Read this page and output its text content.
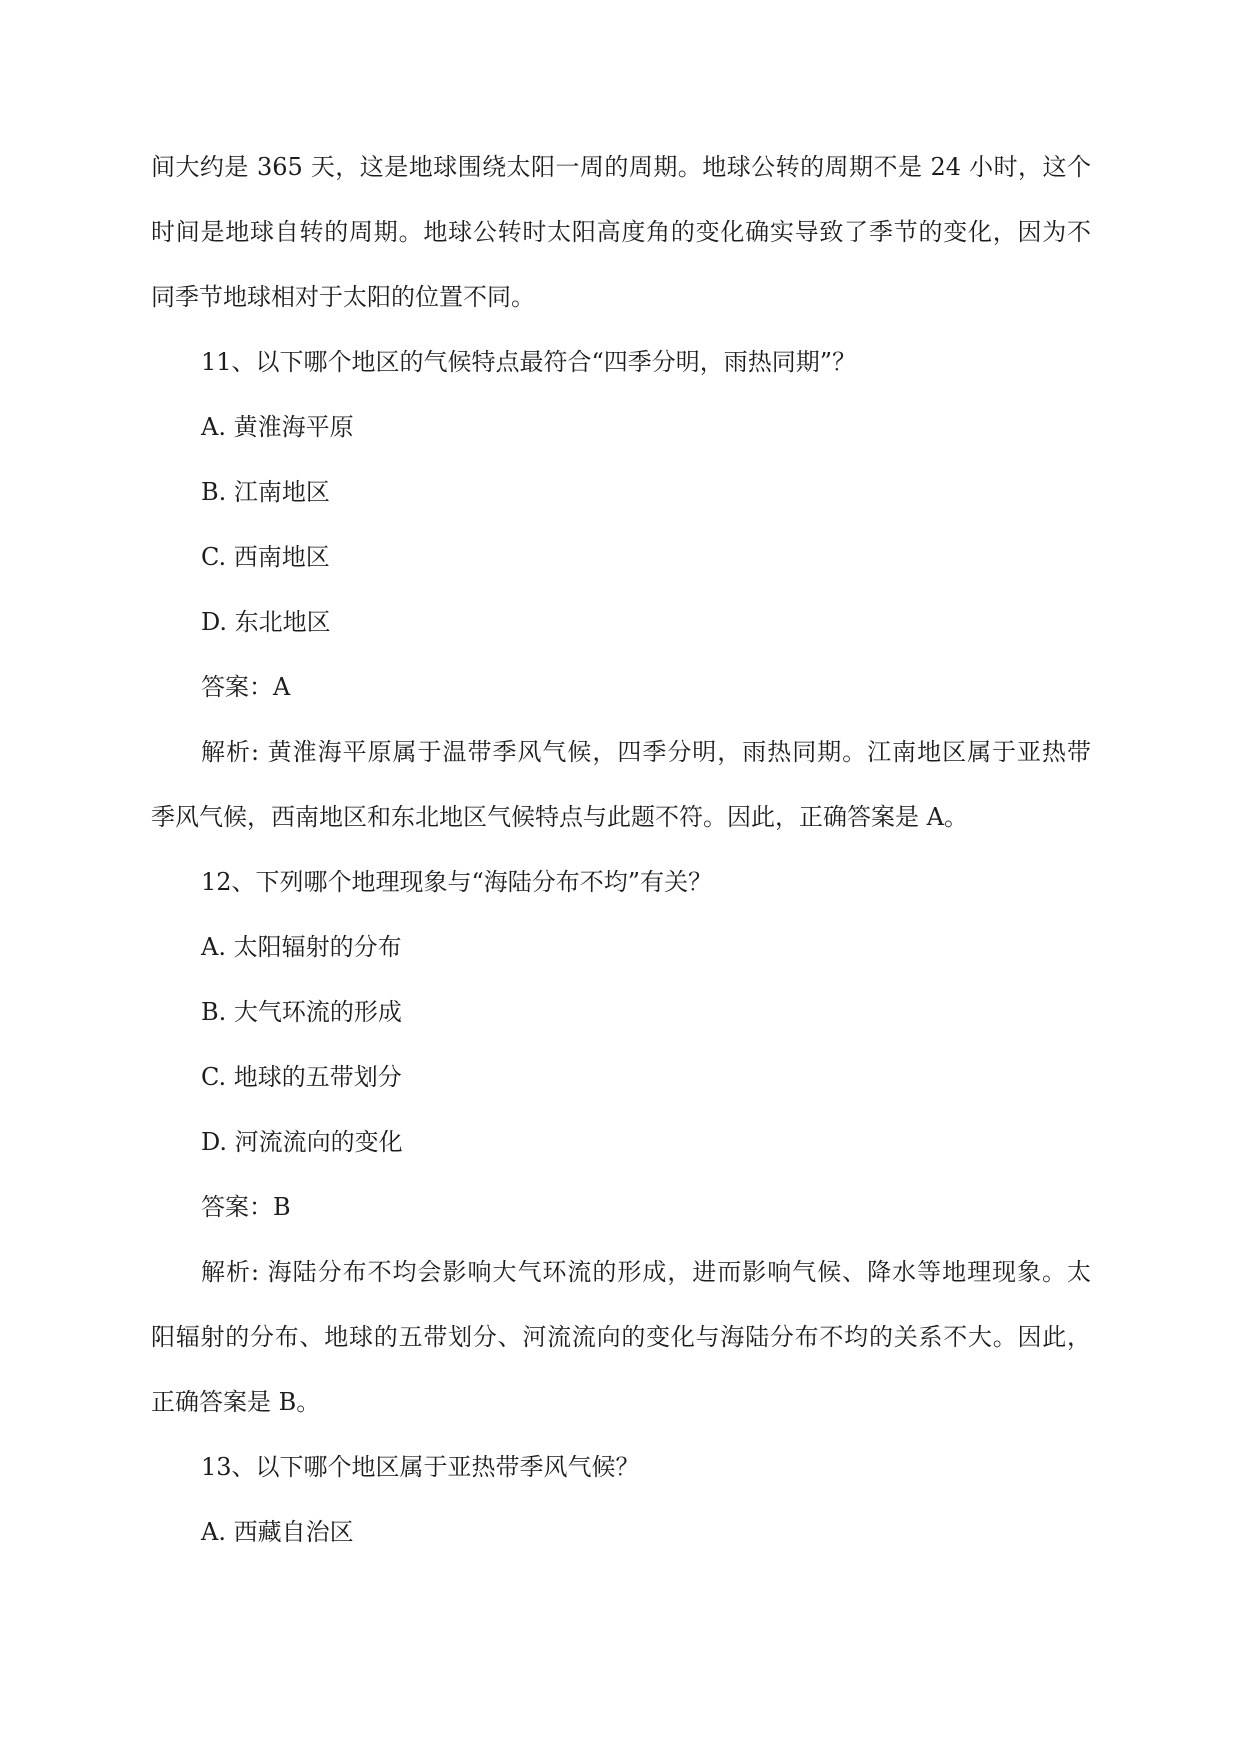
间大约是 365 天，这是地球围绕太阳一周的周期。地球公转的周期不是 24 小时，这个
时间是地球自转的周期。地球公转时太阳高度角的变化确实导致了季节的变化，因为不
同季节地球相对于太阳的位置不同。
11、以下哪个地区的气候特点最符合“四季分明，雨热同期”？
A. 黄淮海平原
B. 江南地区
C. 西南地区
D. 东北地区
答案：A
解析: 黄淮海平原属于温带季风气候，四季分明，雨热同期。江南地区属于亚热带
季风气候，西南地区和东北地区气候特点与此题不符。因此，正确答案是 A。
12、下列哪个地理现象与“海陆分布不均”有关？
A. 太阳辐射的分布
B. 大气环流的形成
C. 地球的五带划分
D. 河流流向的变化
答案：B
解析: 海陆分布不均会影响大气环流的形成，进而影响气候、降水等地理现象。太
阳辐射的分布、地球的五带划分、河流流向的变化与海陆分布不均的关系不大。因此，
正确答案是 B。
13、以下哪个地区属于亚热带季风气候？
A. 西藏自治区
